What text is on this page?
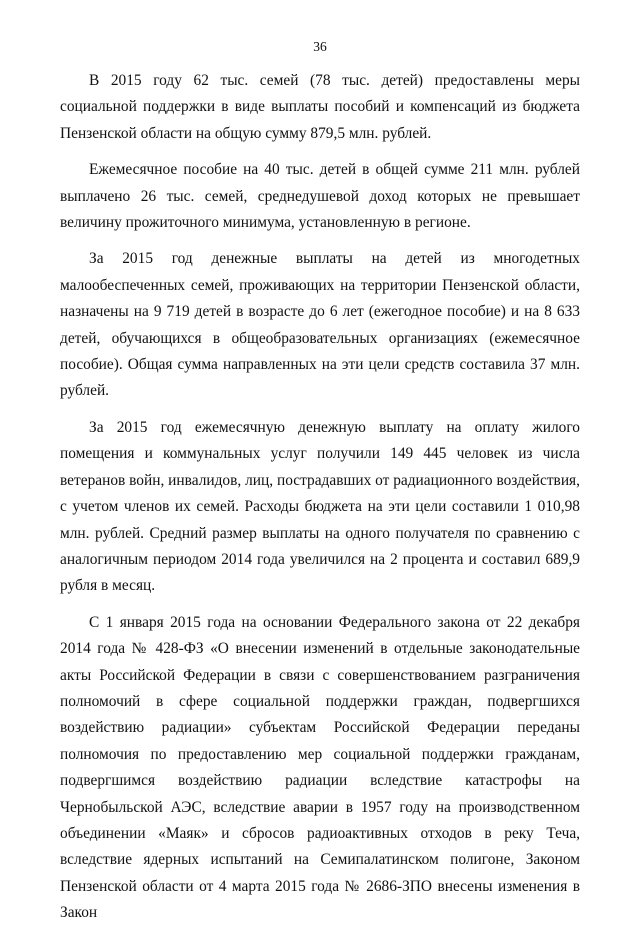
36

В 2015 году 62 тыс. семей (78 тыс. детей) предоставлены меры социальной поддержки в виде выплаты пособий и компенсаций из бюджета Пензенской области на общую сумму 879,5 млн. рублей.

Ежемесячное пособие на 40 тыс. детей в общей сумме 211 млн. рублей выплачено 26 тыс. семей, среднедушевой доход которых не превышает величину прожиточного минимума, установленную в регионе.

За 2015 год денежные выплаты на детей из многодетных малообеспеченных семей, проживающих на территории Пензенской области, назначены на 9 719 детей в возрасте до 6 лет (ежегодное пособие) и на 8 633 детей, обучающихся в общеобразовательных организациях (ежемесячное пособие). Общая сумма направленных на эти цели средств составила 37 млн. рублей.

За 2015 год ежемесячную денежную выплату на оплату жилого помещения и коммунальных услуг получили 149 445 человек из числа ветеранов войн, инвалидов, лиц, пострадавших от радиационного воздействия, с учетом членов их семей. Расходы бюджета на эти цели составили 1 010,98 млн. рублей. Средний размер выплаты на одного получателя по сравнению с аналогичным периодом 2014 года увеличился на 2 процента и составил 689,9 рубля в месяц.

С 1 января 2015 года на основании Федерального закона от 22 декабря 2014 года № 428-ФЗ «О внесении изменений в отдельные законодательные акты Российской Федерации в связи с совершенствованием разграничения полномочий в сфере социальной поддержки граждан, подвергшихся воздействию радиации» субъектам Российской Федерации переданы полномочия по предоставлению мер социальной поддержки гражданам, подвергшимся воздействию радиации вследствие катастрофы на Чернобыльской АЭС, вследствие аварии в 1957 году на производственном объединении «Маяк» и сбросов радиоактивных отходов в реку Теча, вследствие ядерных испытаний на Семипалатинском полигоне, Законом Пензенской области от 4 марта 2015 года № 2686-ЗПО внесены изменения в Закон
